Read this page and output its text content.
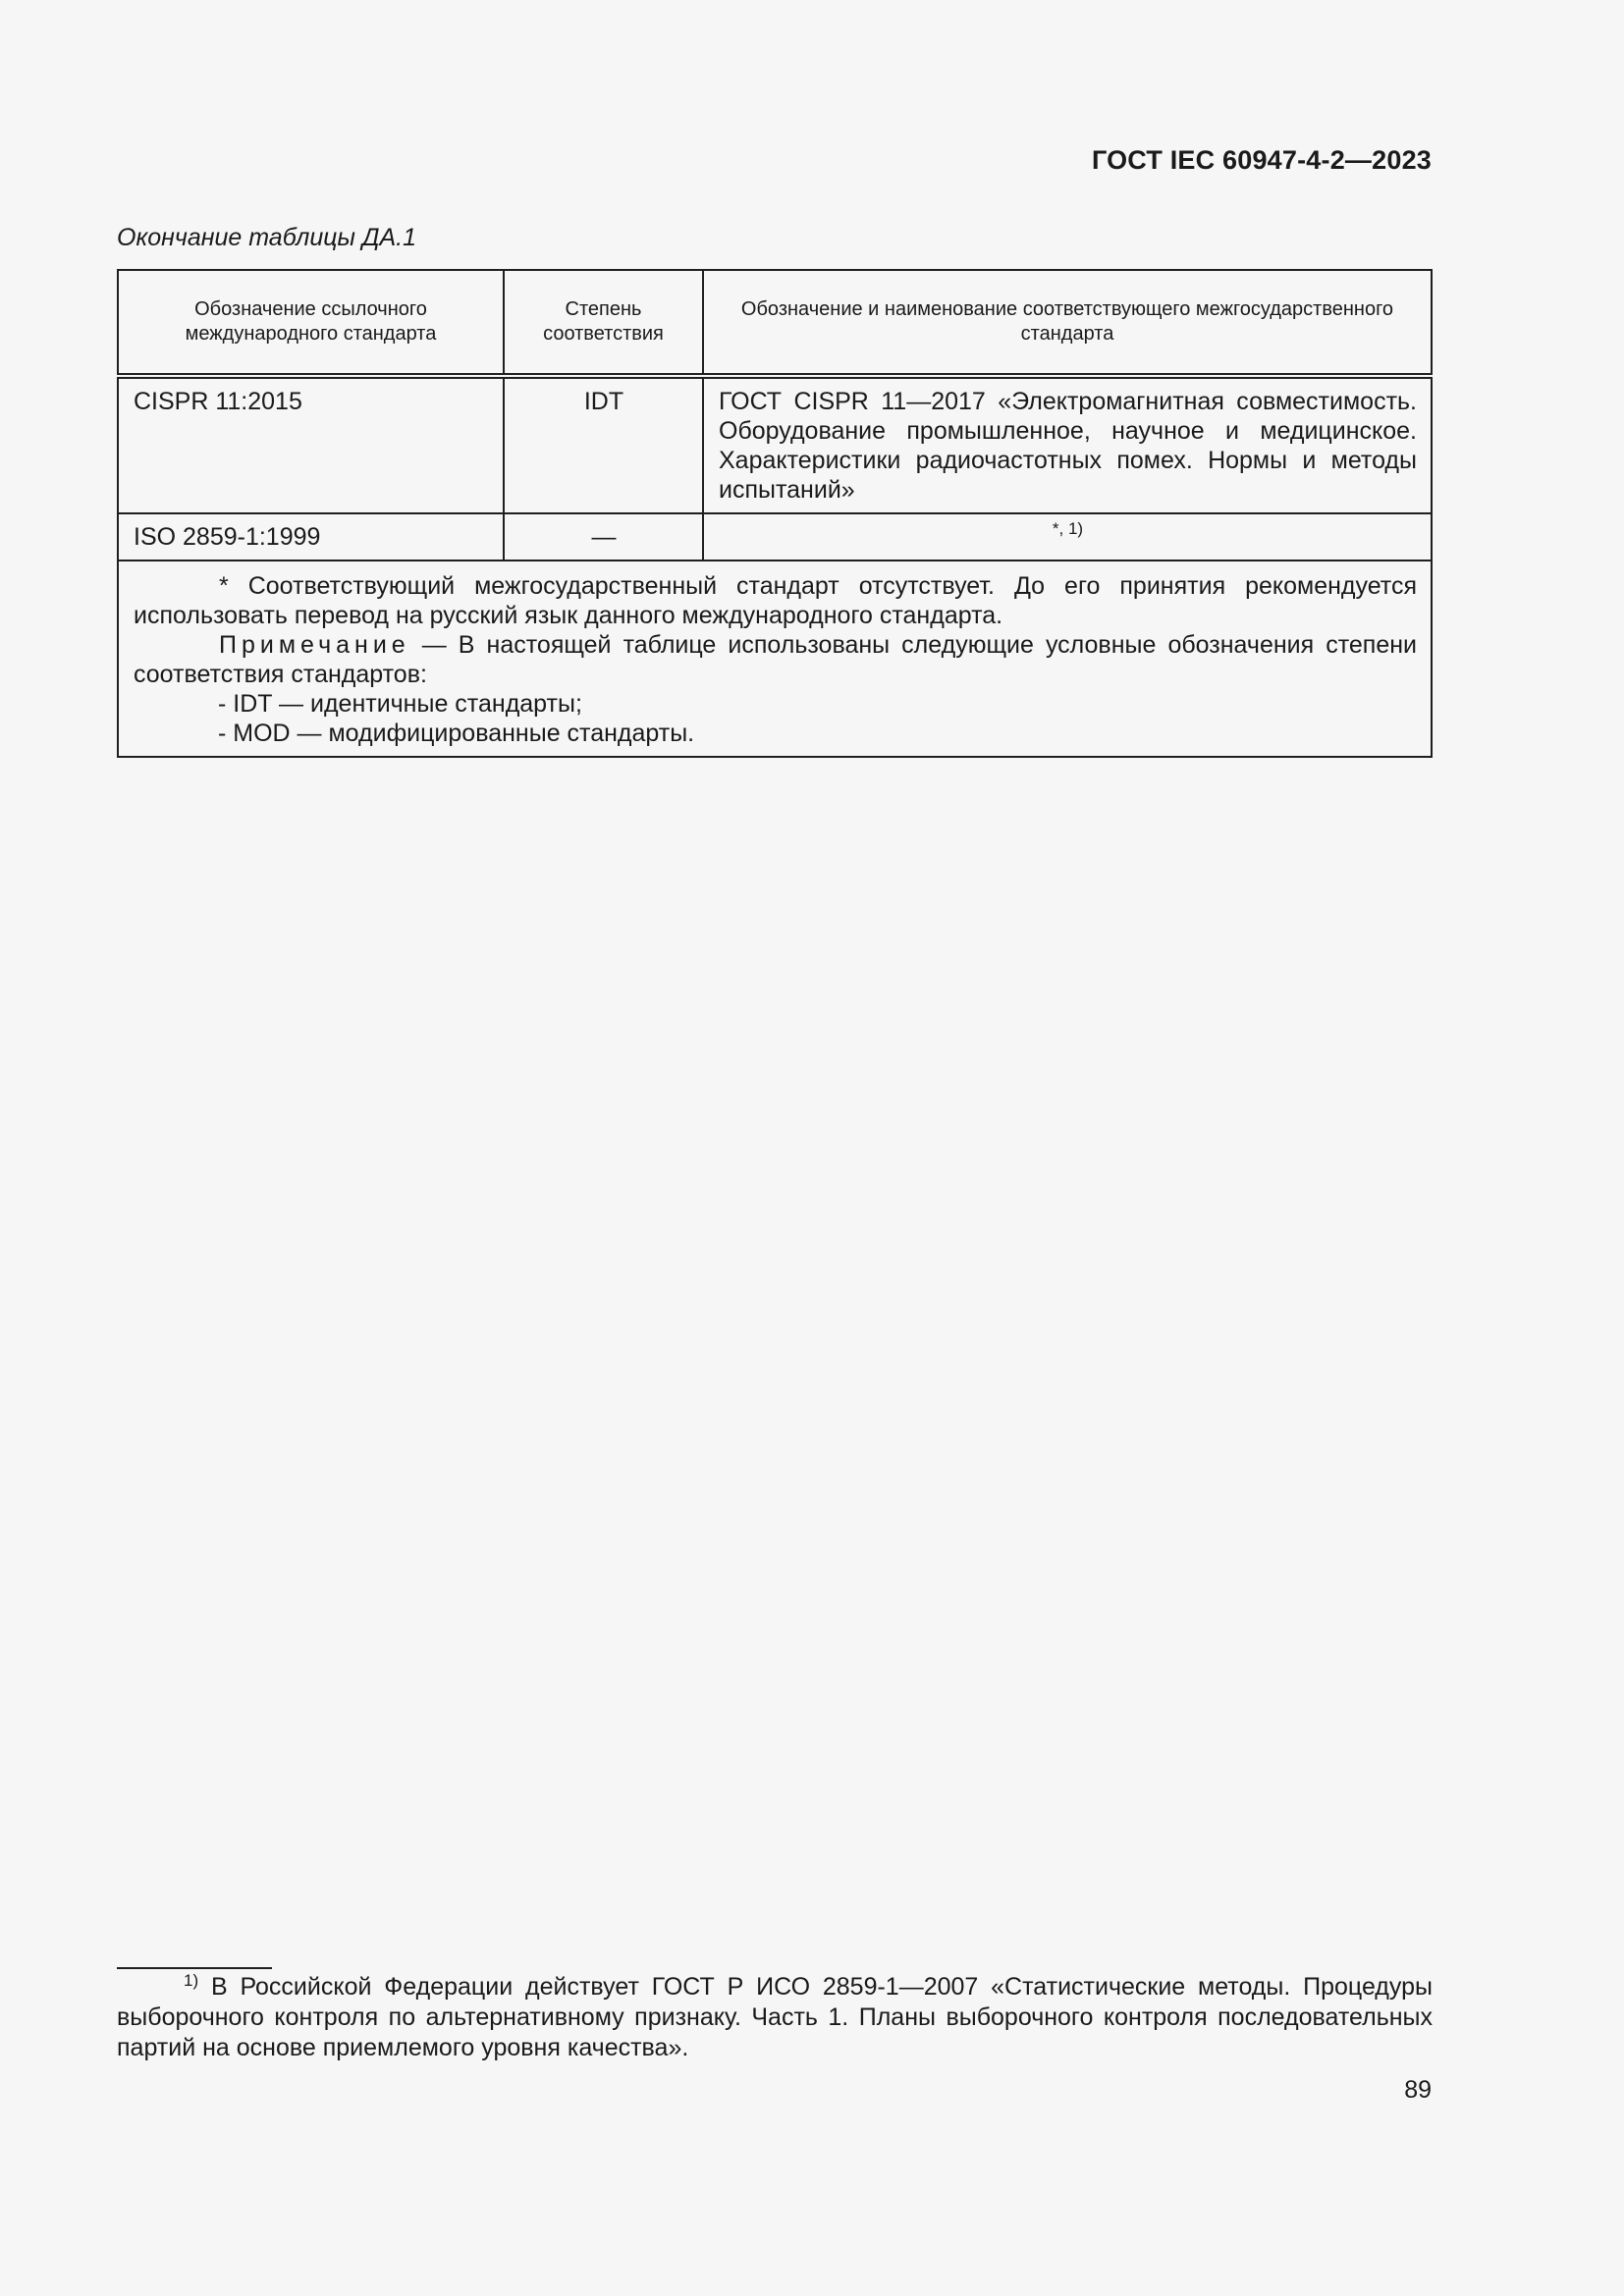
ГОСТ IEC 60947-4-2—2023
Окончание таблицы ДА.1
Обозначение ссылочного международного стандарта	Степень соответствия	Обозначение и наименование соответствующего межгосударственного стандарта
CISPR 11:2015	IDT	ГОСТ CISPR 11—2017 «Электромагнитная совместимость. Оборудование промышленное, научное и медицинское. Характеристики радиочастотных помех. Нормы и методы испытаний»
ISO 2859-1:1999	—	*, 1)

* Соответствующий межгосударственный стандарт отсутствует. До его принятия рекомендуется использовать перевод на русский язык данного международного стандарта.

Примечание — В настоящей таблице использованы следующие условные обозначения степени соответствия стандартов:

- IDT — идентичные стандарты;

- MOD — модифицированные стандарты.		

$^{1)}$ В Российской Федерации действует ГОСТ Р ИСО 2859-1—2007 «Статистические методы. Процедуры выборочного контроля по альтернативному признаку. Часть 1. Планы выборочного контроля последовательных партий на основе приемлемого уровня качества».
89
